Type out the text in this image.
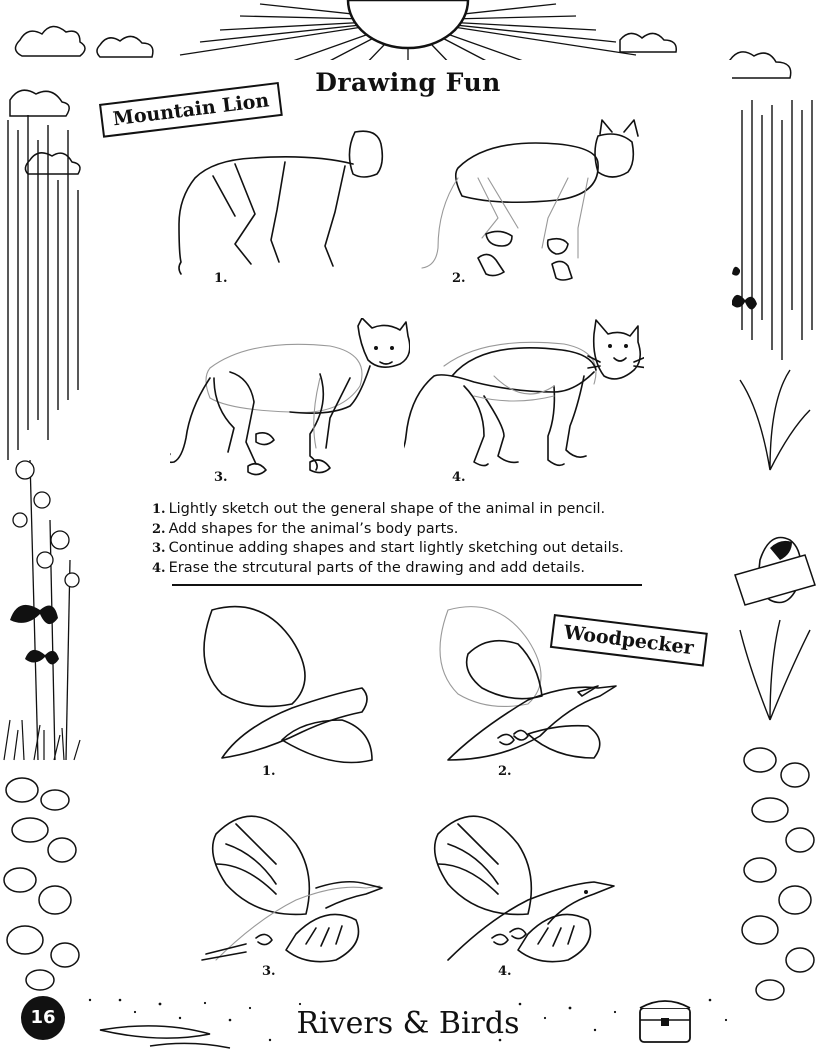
Drawing Fun
Mountain Lion
1.	2.
3.	4.
1. Lightly sketch out the general shape of the animal in pencil.
2. Add shapes for the animal’s body parts.
3. Continue adding shapes and start lightly sketching out details.
4. Erase the strcutural parts of the drawing and add details.
Woodpecker
1.	2.
3.	4.
16	Rivers & Birds
